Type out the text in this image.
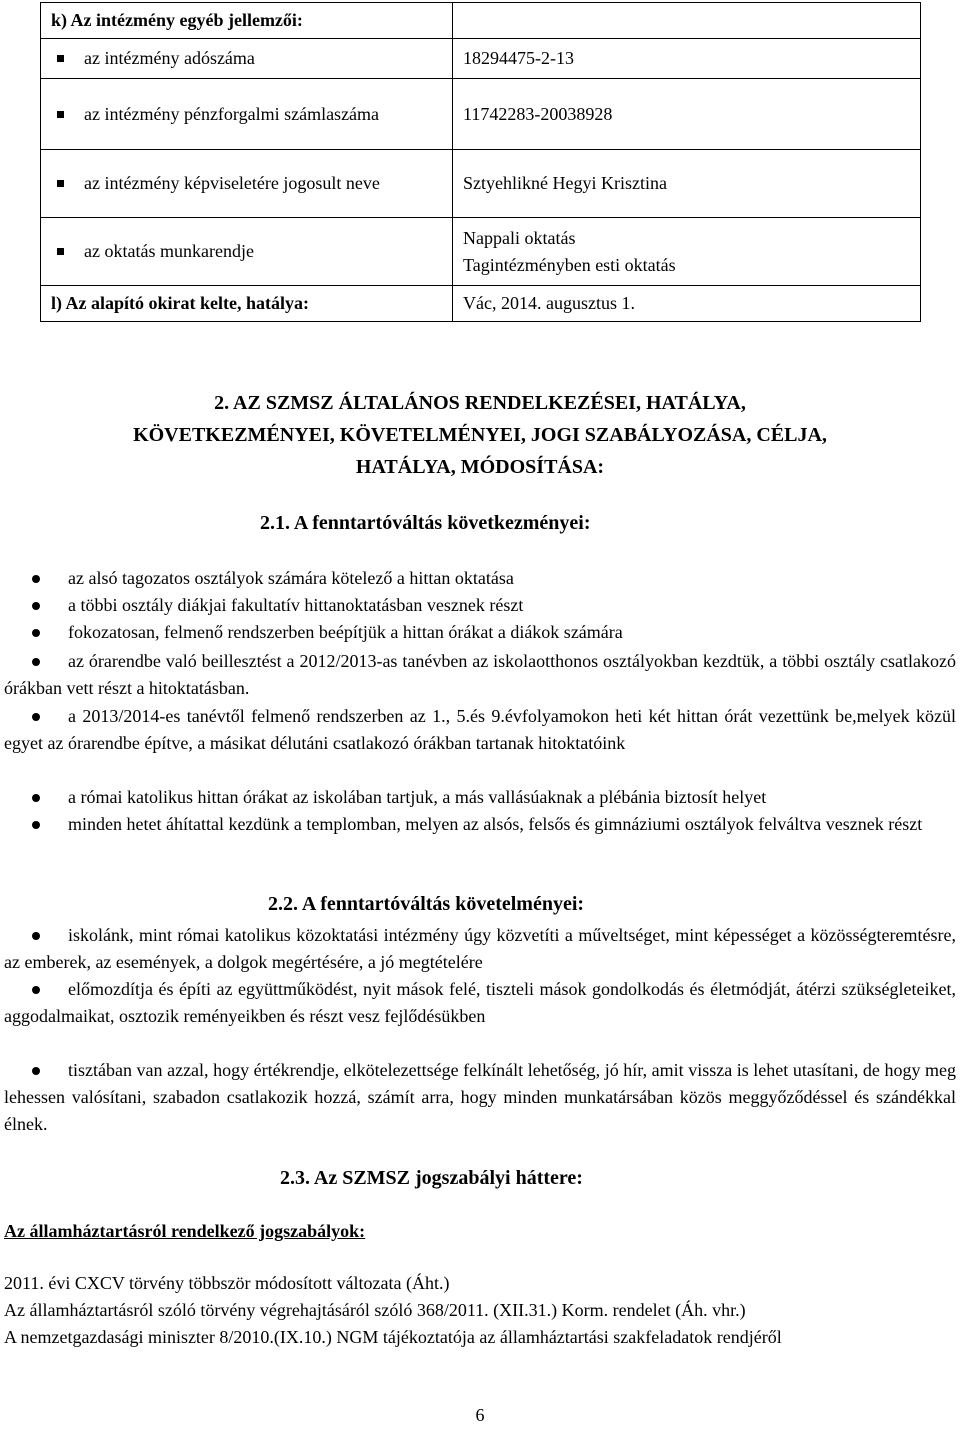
k) Az intézmény egyéb jellemzői:	

az intézmény adószáma	18294475-2-13

az intézmény pénzforgalmi számlaszáma	11742283-20038928

az intézmény képviseletére jogosult neve	Sztyehlikné Hegyi Krisztina

az oktatás munkarendje	Nappali oktatás
Tagintézményben esti oktatás

l) Az alapító okirat kelte, hatálya:	Vác, 2014. augusztus 1.
2. AZ SZMSZ ÁLTALÁNOS RENDELKEZÉSEI, HATÁLYA,
KÖVETKEZMÉNYEI, KÖVETELMÉNYEI, JOGI SZABÁLYOZÁSA, CÉLJA,
HATÁLYA, MÓDOSÍTÁSA:
2.1. A fenntartóváltás következményei:
az alsó tagozatos osztályok számára kötelező a hittan oktatása
a többi osztály diákjai fakultatív hittanoktatásban vesznek részt
fokozatosan, felmenő rendszerben beépítjük a hittan órákat a diákok számára
az órarendbe való beillesztést a 2012/2013-as tanévben az iskolaotthonos osztályokban kezdtük, a többi osztály csatlakozó órákban vett részt a hitoktatásban.
a 2013/2014-es tanévtől felmenő rendszerben az 1., 5.és 9.évfolyamokon heti két hittan órát vezettünk be,melyek közül egyet az órarendbe építve, a másikat délutáni csatlakozó órákban tartanak hitoktatóink
a római katolikus hittan órákat az iskolában tartjuk, a más vallásúaknak a plébánia biztosít helyet
minden hetet áhítattal kezdünk a templomban, melyen az alsós, felsős és gimnáziumi osztályok felváltva vesznek részt
2.2. A fenntartóváltás követelményei:
iskolánk, mint római katolikus közoktatási intézmény úgy közvetíti a műveltséget, mint képességet a közösségteremtésre, az emberek, az események, a dolgok megértésére, a jó megtételére
előmozdítja és építi az együttműködést, nyit mások felé, tiszteli mások gondolkodás és életmódját, átérzi szükségleteiket, aggodalmaikat, osztozik reményeikben és részt vesz fejlődésükben
tisztában van azzal, hogy értékrendje, elkötelezettsége felkínált lehetőség, jó hír, amit vissza is lehet utasítani, de hogy meg lehessen valósítani, szabadon csatlakozik hozzá, számít arra, hogy minden munkatársában közös meggyőződéssel és szándékkal élnek.
2.3. Az SZMSZ jogszabályi háttere:
Az államháztartásról rendelkező jogszabályok:
2011. évi CXCV törvény többször módosított változata (Áht.)
Az államháztartásról szóló törvény végrehajtásáról szóló 368/2011. (XII.31.) Korm. rendelet (Áh. vhr.)
A nemzetgazdasági miniszter 8/2010.(IX.10.) NGM tájékoztatója az államháztartási szakfeladatok rendjéről
6
